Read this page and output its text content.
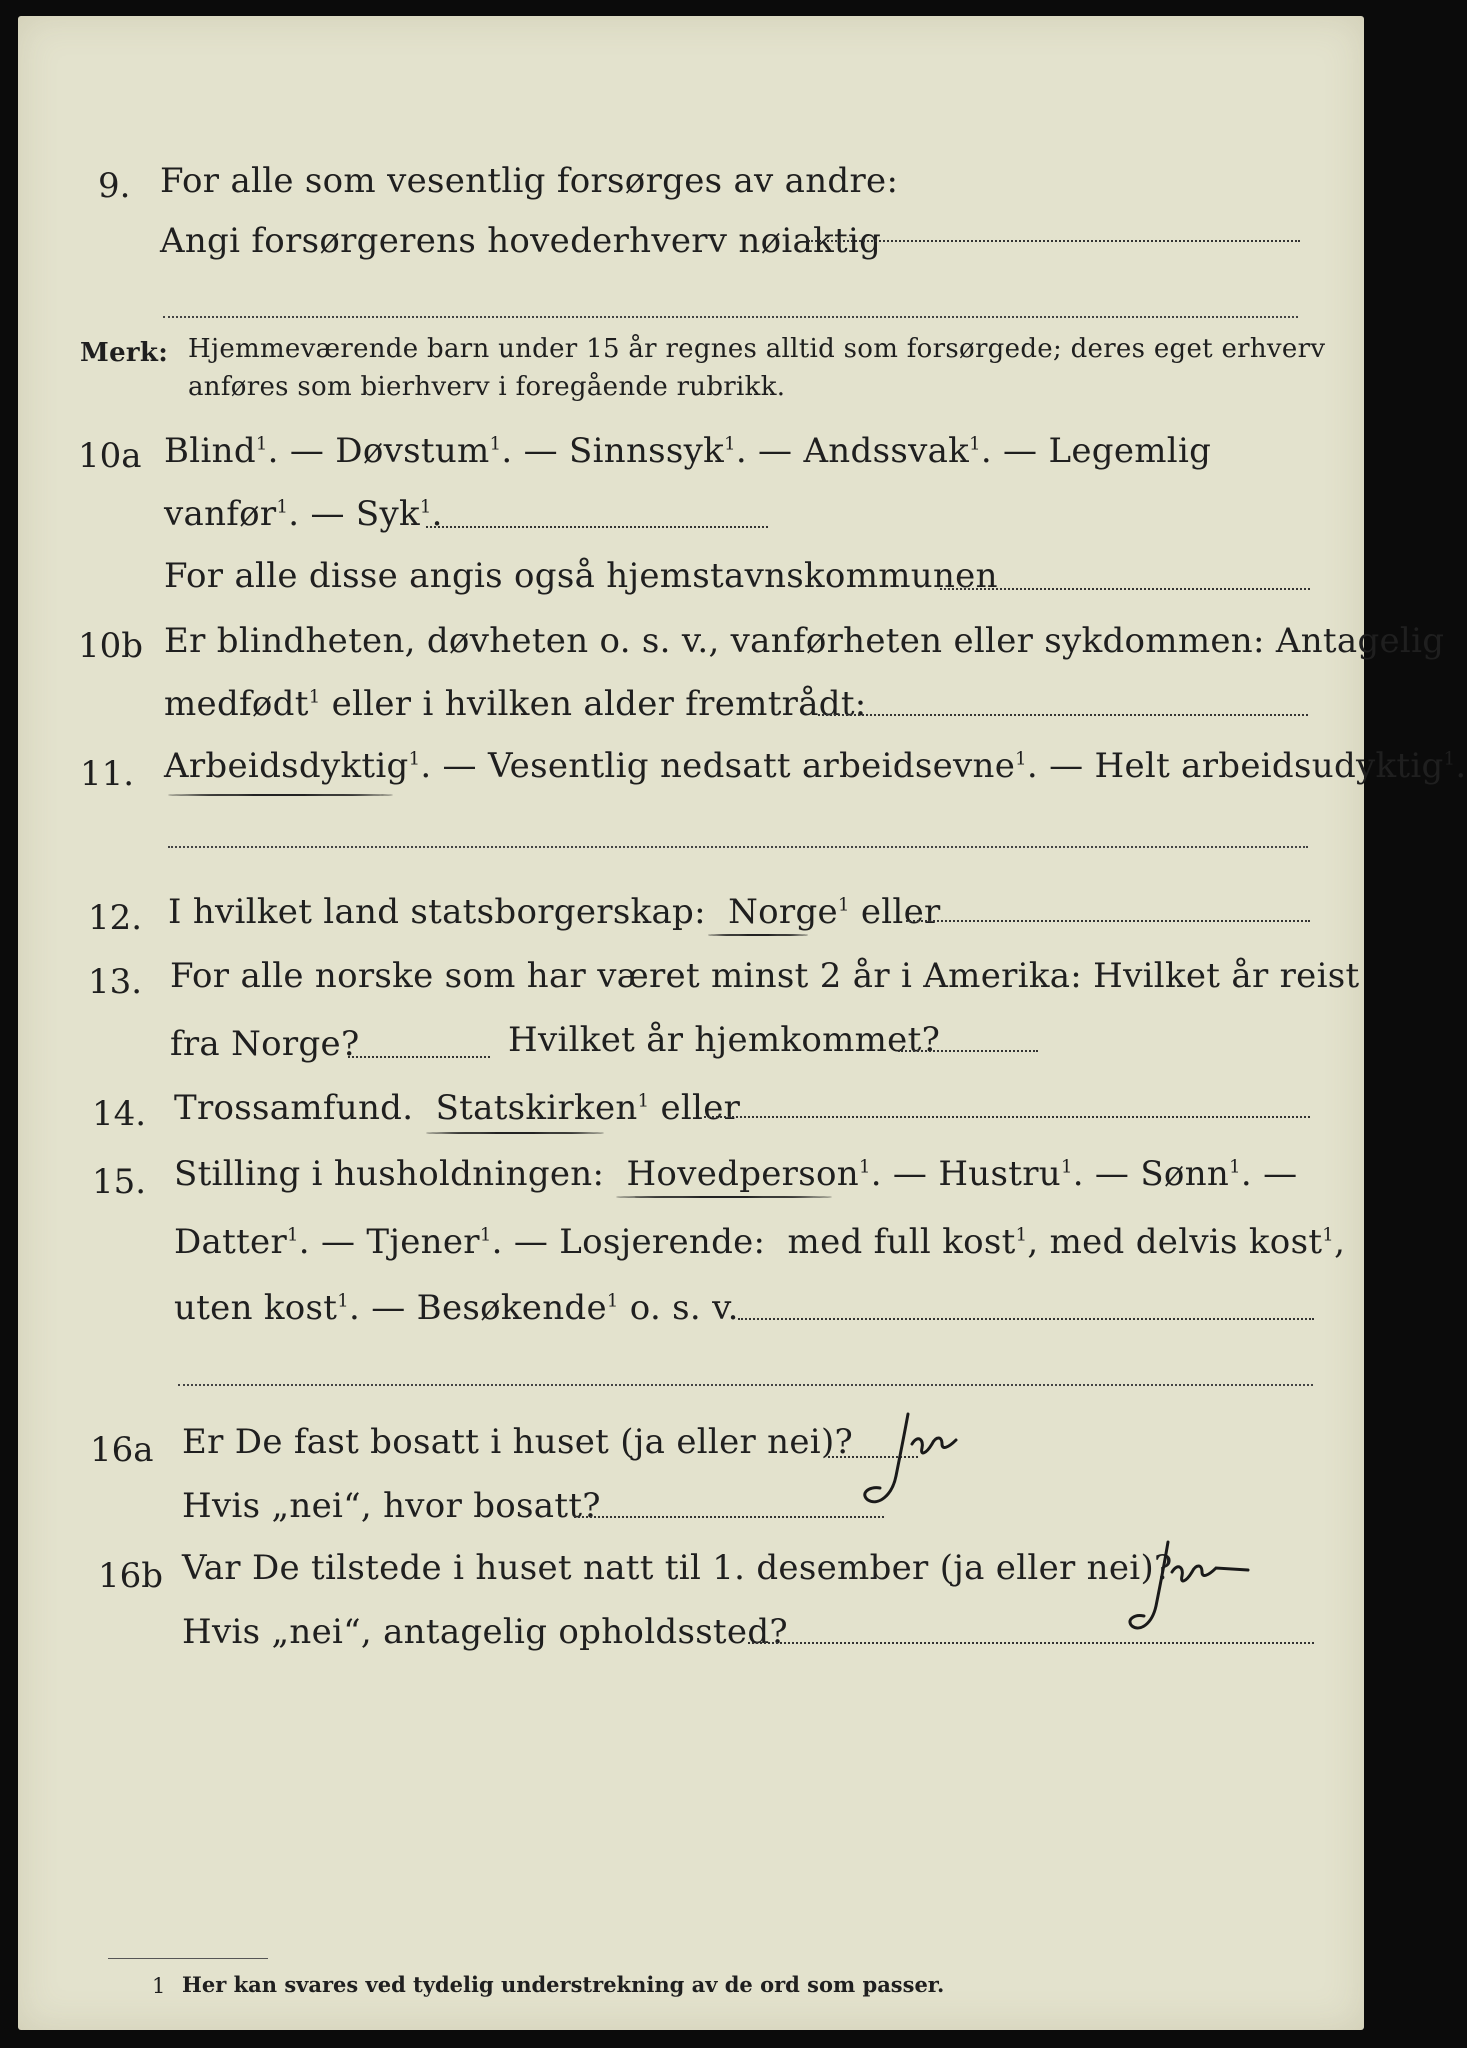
9. For alle som vesentlig forsørges av andre:
Angi forsørgerens hovederhverv nøiaktig
Merk: Hjemmeværende barn under 15 år regnes alltid som forsørgede; deres eget erhverv
anføres som bierhverv i foregående rubrikk.
10a Blind$^1$. — Døvstum$^1$. — Sinnssyk$^1$. — Andssvak$^1$. — Legemlig
vanfør$^1$. — Syk$^1$.
For alle disse angis også hjemstavnskommunen
10b Er blindheten, døvheten o. s. v., vanførheten eller sykdommen: Antagelig
medfødt$^1$ eller i hvilken alder fremtrådt:
11. Arbeidsdyktig$^1$. — Vesentlig nedsatt arbeidsevne$^1$. — Helt arbeidsudyktig$^1$.
12. I hvilket land statsborgerskap: Norge$^1$ eller
13. For alle norske som har været minst 2 år i Amerika: Hvilket år reist
fra Norge?	Hvilket år hjemkommet?
14. Trossamfund. Statskirken$^1$ eller
15. Stilling i husholdningen: Hovedperson$^1$. — Hustru$^1$. — Sønn$^1$. —
Datter$^1$. — Tjener$^1$. — Losjerende: med full kost$^1$, med delvis kost$^1$,
uten kost$^1$. — Besøkende$^1$ o. s. v.
16a Er De fast bosatt i huset (ja eller nei)?
Hvis „nei“, hvor bosatt?
16b Var De tilstede i huset natt til 1. desember (ja eller nei)?
Hvis „nei“, antagelig opholdssted?
1 Her kan svares ved tydelig understrekning av de ord som passer.
